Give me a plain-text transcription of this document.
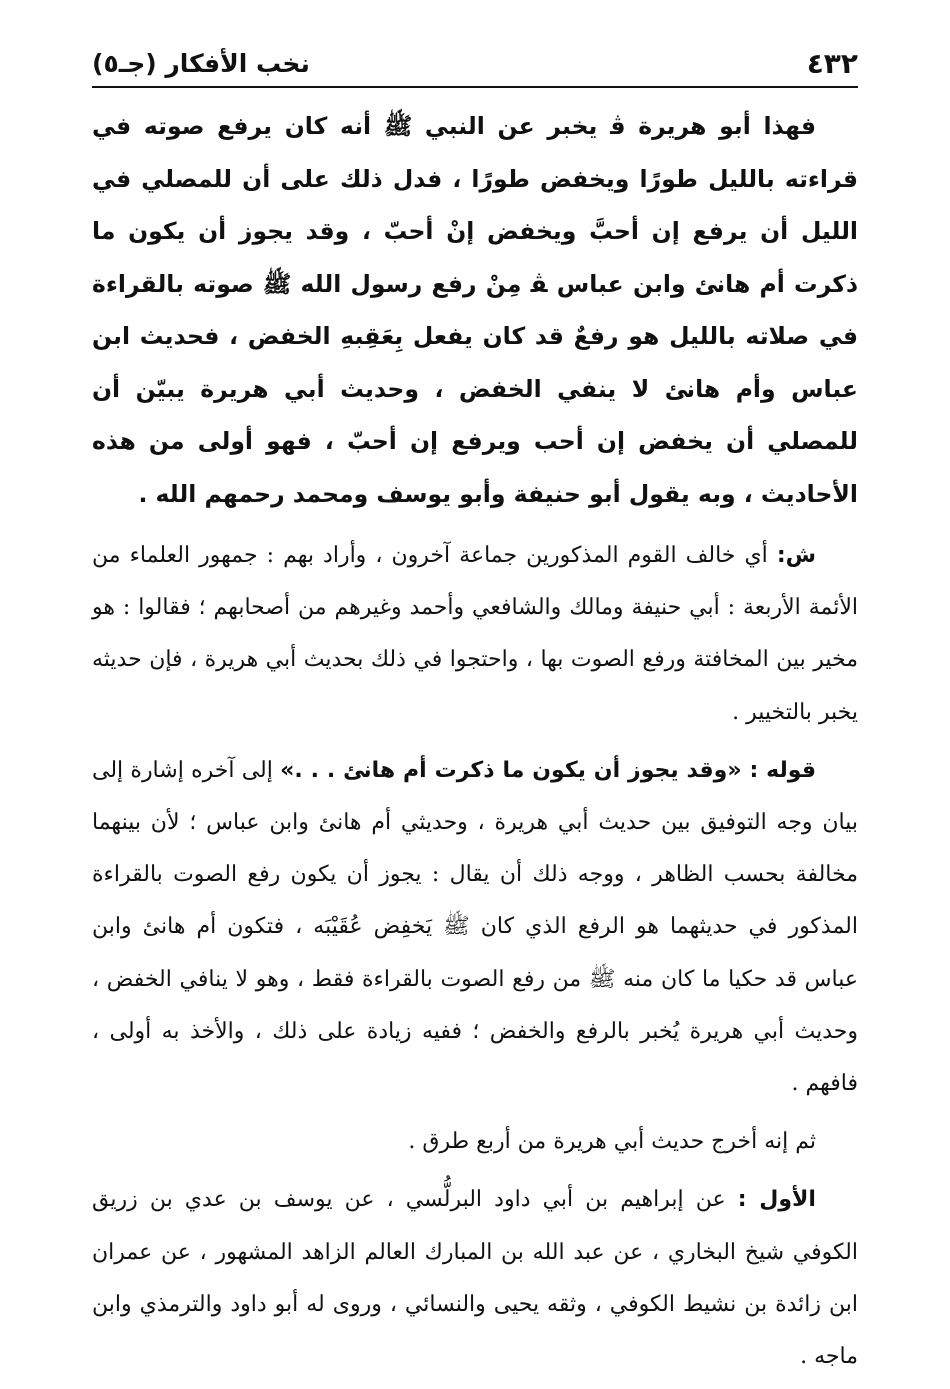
٤٣٢
نخب الأفكار (جـ٥)

فهذا أبو هريرة ﭬ يخبر عن النبي ﷺ أنه كان يرفع صوته في قراءته بالليل طورًا ويخفض طورًا ، فدل ذلك على أن للمصلي في الليل أن يرفع إن أحبَّ ويخفض إنْ أحبّ ، وقد يجوز أن يكون ما ذكرت أم هانئ وابن عباس ﭭ مِنْ رفع رسول الله ﷺ صوته بالقراءة في صلاته بالليل هو رفعٌ قد كان يفعل بِعَقِبهِ الخفض ، فحديث ابن عباس وأم هانئ لا ينفي الخفض ، وحديث أبي هريرة يبيّن أن للمصلي أن يخفض إن أحب ويرفع إن أحبّ ، فهو أولى من هذه الأحاديث ، وبه يقول أبو حنيفة وأبو يوسف ومحمد رحمهم الله .

ش: أي خالف القوم المذكورين جماعة آخرون ، وأراد بهم : جمهور العلماء من الأئمة الأربعة : أبي حنيفة ومالك والشافعي وأحمد وغيرهم من أصحابهم ؛ فقالوا : هو مخير بين المخافتة ورفع الصوت بها ، واحتجوا في ذلك بحديث أبي هريرة ، فإن حديثه يخبر بالتخيير .

قوله : «وقد يجوز أن يكون ما ذكرت أم هانئ . . .» إلى آخره إشارة إلى بيان وجه التوفيق بين حديث أبي هريرة ، وحديثي أم هانئ وابن عباس ؛ لأن بينهما مخالفة بحسب الظاهر ، ووجه ذلك أن يقال : يجوز أن يكون رفع الصوت بالقراءة المذكور في حديثهما هو الرفع الذي كان ﷺ يَخفِض عُقَيْبَه ، فتكون أم هانئ وابن عباس قد حكيا ما كان منه ﷺ من رفع الصوت بالقراءة فقط ، وهو لا ينافي الخفض ، وحديث أبي هريرة يُخبر بالرفع والخفض ؛ ففيه زيادة على ذلك ، والأخذ به أولى ، فافهم .

ثم إنه أخرج حديث أبي هريرة من أربع طرق .

الأول : عن إبراهيم بن أبي داود البرلُّسي ، عن يوسف بن عدي بن زريق الكوفي شيخ البخاري ، عن عبد الله بن المبارك العالم الزاهد المشهور ، عن عمران ابن زائدة بن نشيط الكوفي ، وثقه يحيى والنسائي ، وروى له أبو داود والترمذي وابن ماجه .
